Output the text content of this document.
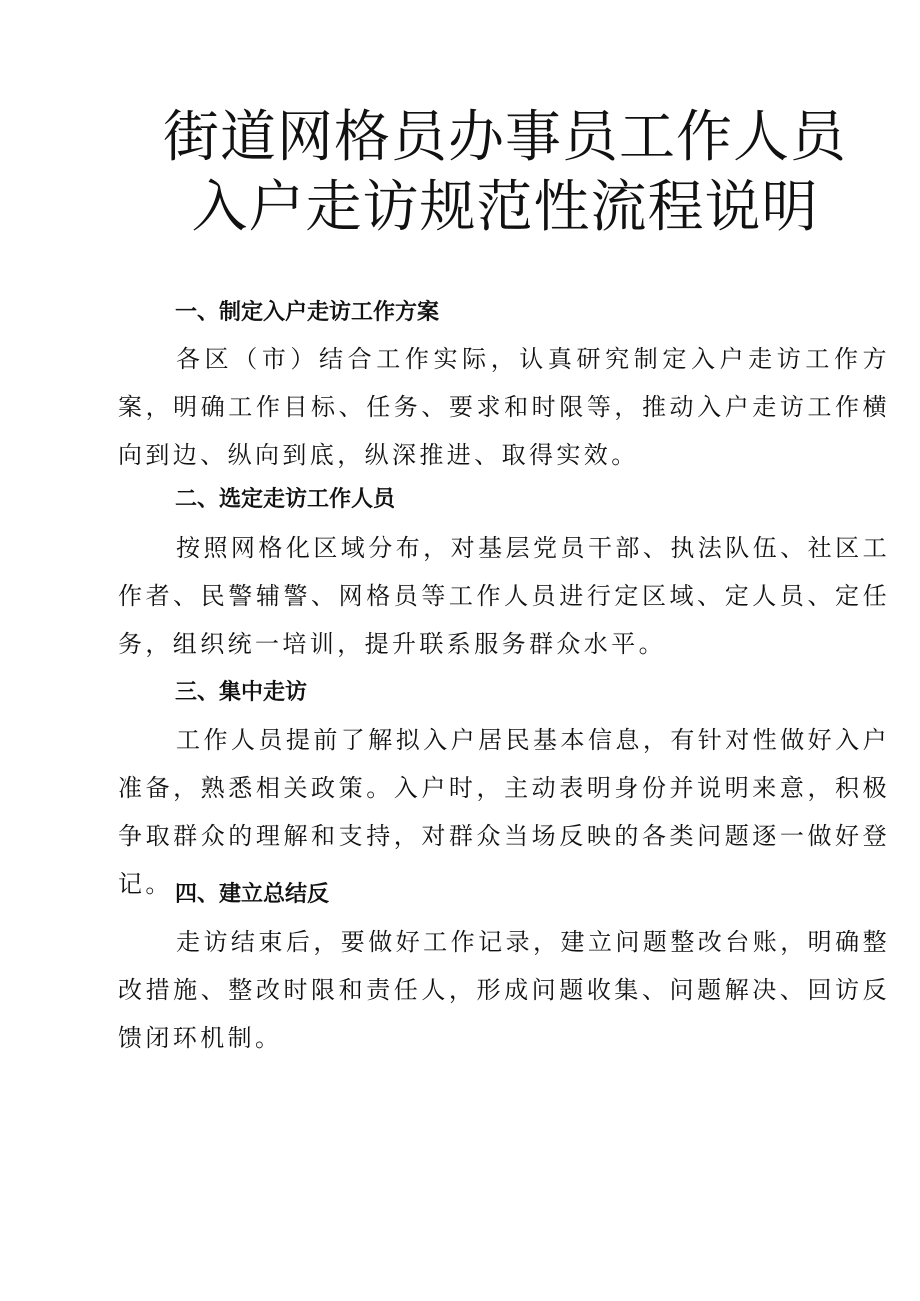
街道网格员办事员工作人员
入户走访规范性流程说明
一、制定入户走访工作方案
各区（市）结合工作实际，认真研究制定入户走访工作方案，明确工作目标、任务、要求和时限等，推动入户走访工作横向到边、纵向到底，纵深推进、取得实效。
二、选定走访工作人员
按照网格化区域分布，对基层党员干部、执法队伍、社区工作者、民警辅警、网格员等工作人员进行定区域、定人员、定任务，组织统一培训，提升联系服务群众水平。
三、集中走访
工作人员提前了解拟入户居民基本信息，有针对性做好入户准备，熟悉相关政策。入户时，主动表明身份并说明来意，积极争取群众的理解和支持，对群众当场反映的各类问题逐一做好登记。 四、建立总结反
走访结束后，要做好工作记录，建立问题整改台账，明确整改措施、整改时限和责任人，形成问题收集、问题解决、回访反馈闭环机制。
